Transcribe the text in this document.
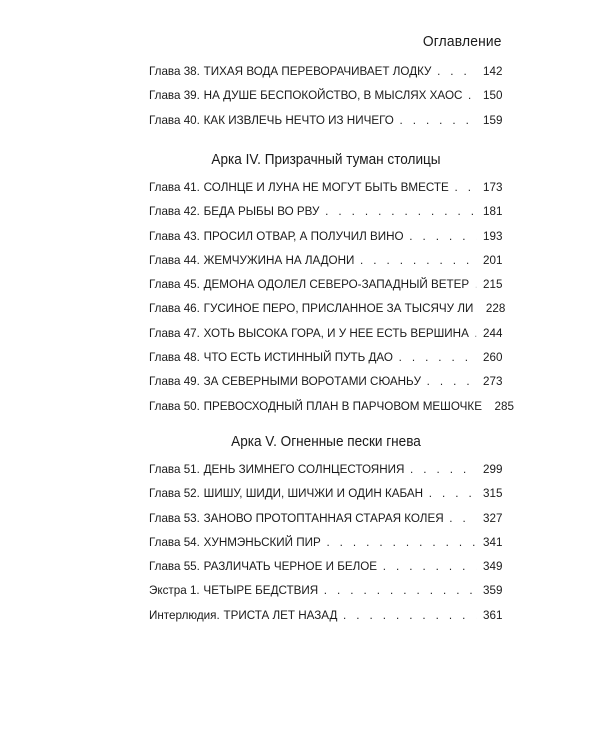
Оглавление
Глава 38. ТИХАЯ ВОДА ПЕРЕВОРАЧИВАЕТ ЛОДКУ . . .	142
Глава 39. НА ДУШЕ БЕСПОКОЙСТВО, В МЫСЛЯХ ХАОС . . . 150
Глава 40. КАК ИЗВЛЕЧЬ НЕЧТО ИЗ НИЧЕГО . . .	159
Арка IV. Призрачный туман столицы
Глава 41. СОЛНЦЕ И ЛУНА НЕ МОГУТ БЫТЬ ВМЕСТЕ . . .	173
Глава 42. БЕДА РЫБЫ ВО РВУ . . .	181
Глава 43. ПРОСИЛ ОТВАР, А ПОЛУЧИЛ ВИНО . . .	193
Глава 44. ЖЕМЧУЖИНА НА ЛАДОНИ . . .	201
Глава 45. ДЕМОНА ОДОЛЕЛ СЕВЕРО-ЗАПАДНЫЙ ВЕТЕР . . . 215
Глава 46. ГУСИНОЕ ПЕРО, ПРИСЛАННОЕ ЗА ТЫСЯЧУ ЛИ 228
Глава 47. ХОТЬ ВЫСОКА ГОРА, И У НЕЕ ЕСТЬ ВЕРШИНА . . . 244
Глава 48. ЧТО ЕСТЬ ИСТИННЫЙ ПУТЬ ДАО . . .	260
Глава 49. ЗА СЕВЕРНЫМИ ВОРОТАМИ СЮАНЬУ . . .	273
Глава 50. ПРЕВОСХОДНЫЙ ПЛАН В ПАРЧОВОМ МЕШОЧКЕ 285
Арка V. Огненные пески гнева
Глава 51. ДЕНЬ ЗИМНЕГО СОЛНЦЕСТОЯНИЯ . . .	299
Глава 52. ШИШУ, ШИДИ, ШИЧЖИ И ОДИН КАБАН . . .	315
Глава 53. ЗАНОВО ПРОТОПТАННАЯ СТАРАЯ КОЛЕЯ . . .	327
Глава 54. ХУНМЭНЬСКИЙ ПИР . . .	341
Глава 55. РАЗЛИЧАТЬ ЧЕРНОЕ И БЕЛОЕ . . .	349
Экстра 1. ЧЕТЫРЕ БЕДСТВИЯ . . .	359
Интерлюдия. ТРИСТА ЛЕТ НАЗАД . . .	361
